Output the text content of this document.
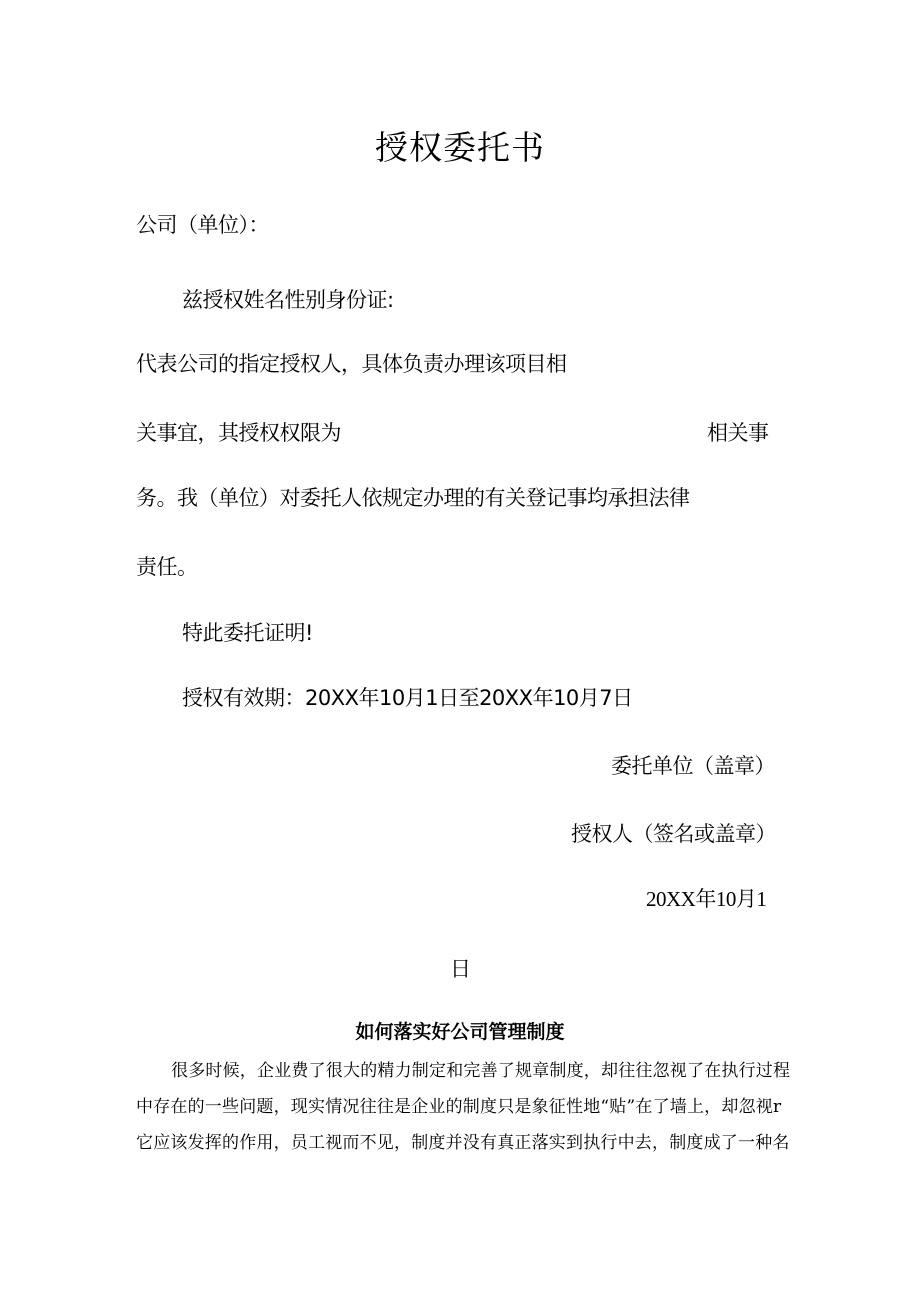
授权委托书
公司（单位）：
兹授权姓名性别身份证:
代表公司的指定授权人，具体负责办理该项目相
关事宜，其授权权限为	相关事
务。我（单位）对委托人依规定办理的有关登记事均承担法律
责任。
特此委托证明!
授权有效期：20XX年10月1日至20XX年10月7日
委托单位（盖章）
授权人（签名或盖章）
20XX年10月1
日
如何落实好公司管理制度
很多时候，企业费了很大的精力制定和完善了规章制度，却往往忽视了在执行过程
中存在的一些问题，现实情况往往是企业的制度只是象征性地“贴”在了墙上，却忽视r
它应该发挥的作用，员工视而不见，制度并没有真正落实到执行中去，制度成了一种名
